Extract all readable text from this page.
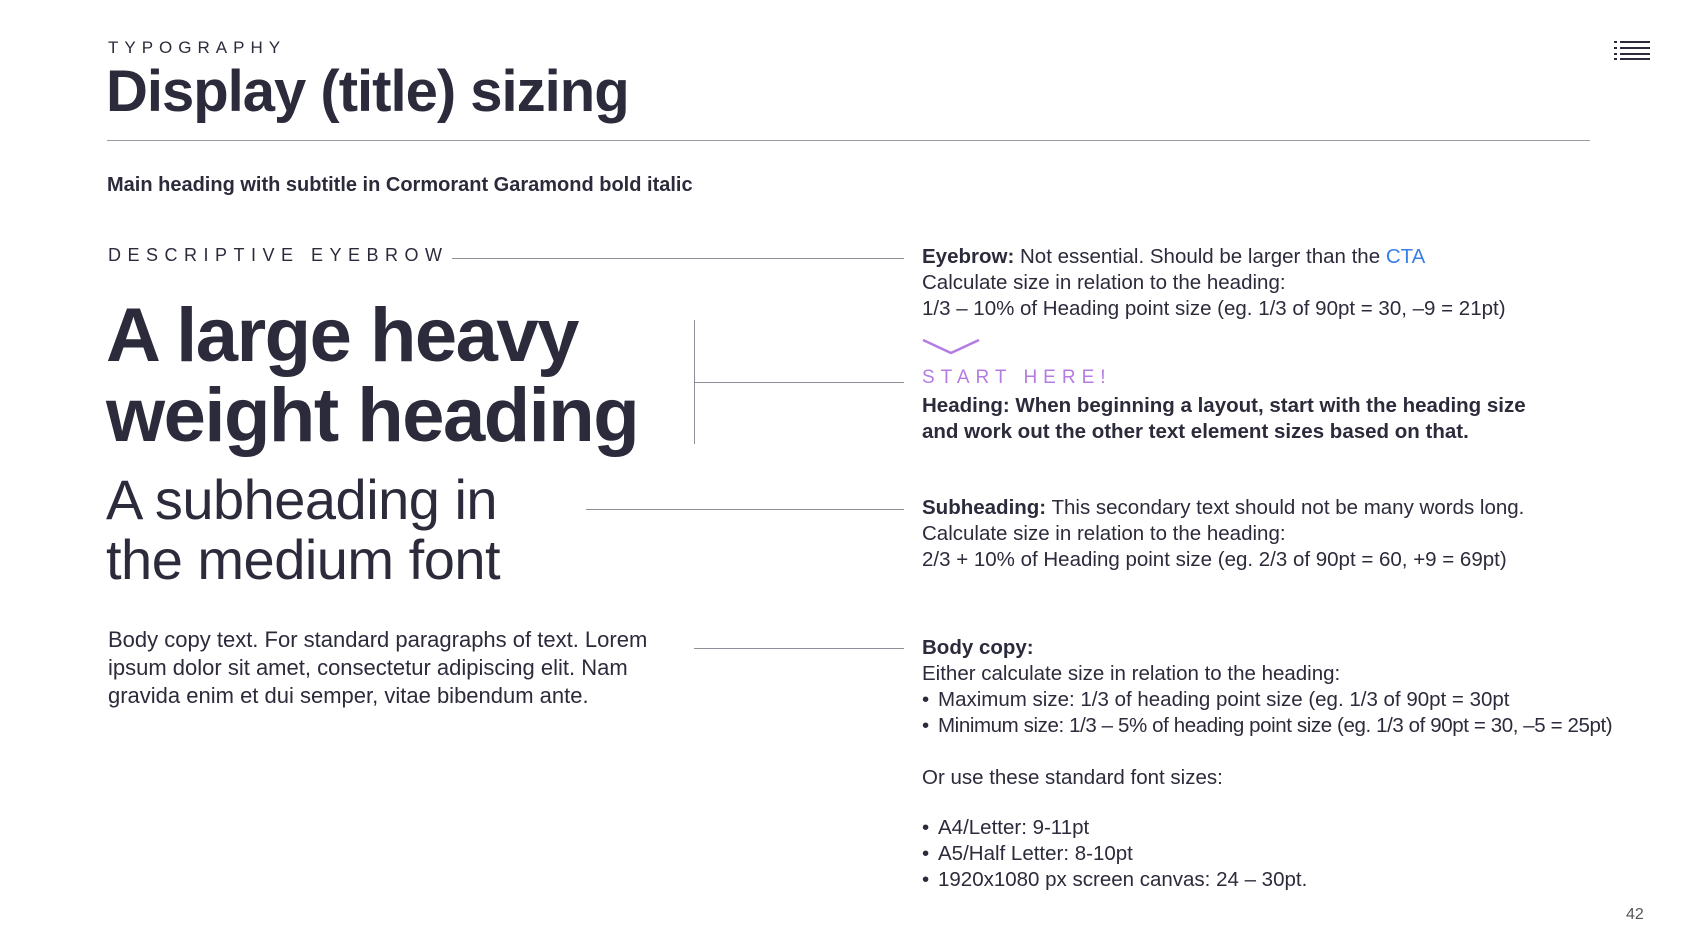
TYPOGRAPHY
Display (title) sizing
Main heading with subtitle in Cormorant Garamond bold italic
DESCRIPTIVE EYEBROW
A large heavy
weight heading
A subheading in
the medium font
Body copy text. For standard paragraphs of text. Lorem ipsum dolor sit amet, consectetur adipiscing elit. Nam gravida enim et dui semper, vitae bibendum ante.
Eyebrow: Not essential. Should be larger than the CTA
Calculate size in relation to the heading:
1/3 – 10% of Heading point size (eg. 1/3 of 90pt = 30, –9 = 21pt)
START HERE!
Heading: When beginning a layout, start with the heading size
and work out the other text element sizes based on that.
Subheading: This secondary text should not be many words long.
Calculate size in relation to the heading:
2/3 + 10% of Heading point size (eg. 2/3 of 90pt = 60, +9 = 69pt)
Body copy:
Either calculate size in relation to the heading:
• Maximum size: 1/3 of heading point size (eg. 1/3 of 90pt = 30pt
• Minimum size: 1/3 – 5% of heading point size (eg. 1/3 of 90pt = 30, –5 = 25pt)
Or use these standard font sizes:
• A4/Letter: 9-11pt
• A5/Half Letter: 8-10pt
• 1920x1080 px screen canvas: 24 – 30pt.
42
